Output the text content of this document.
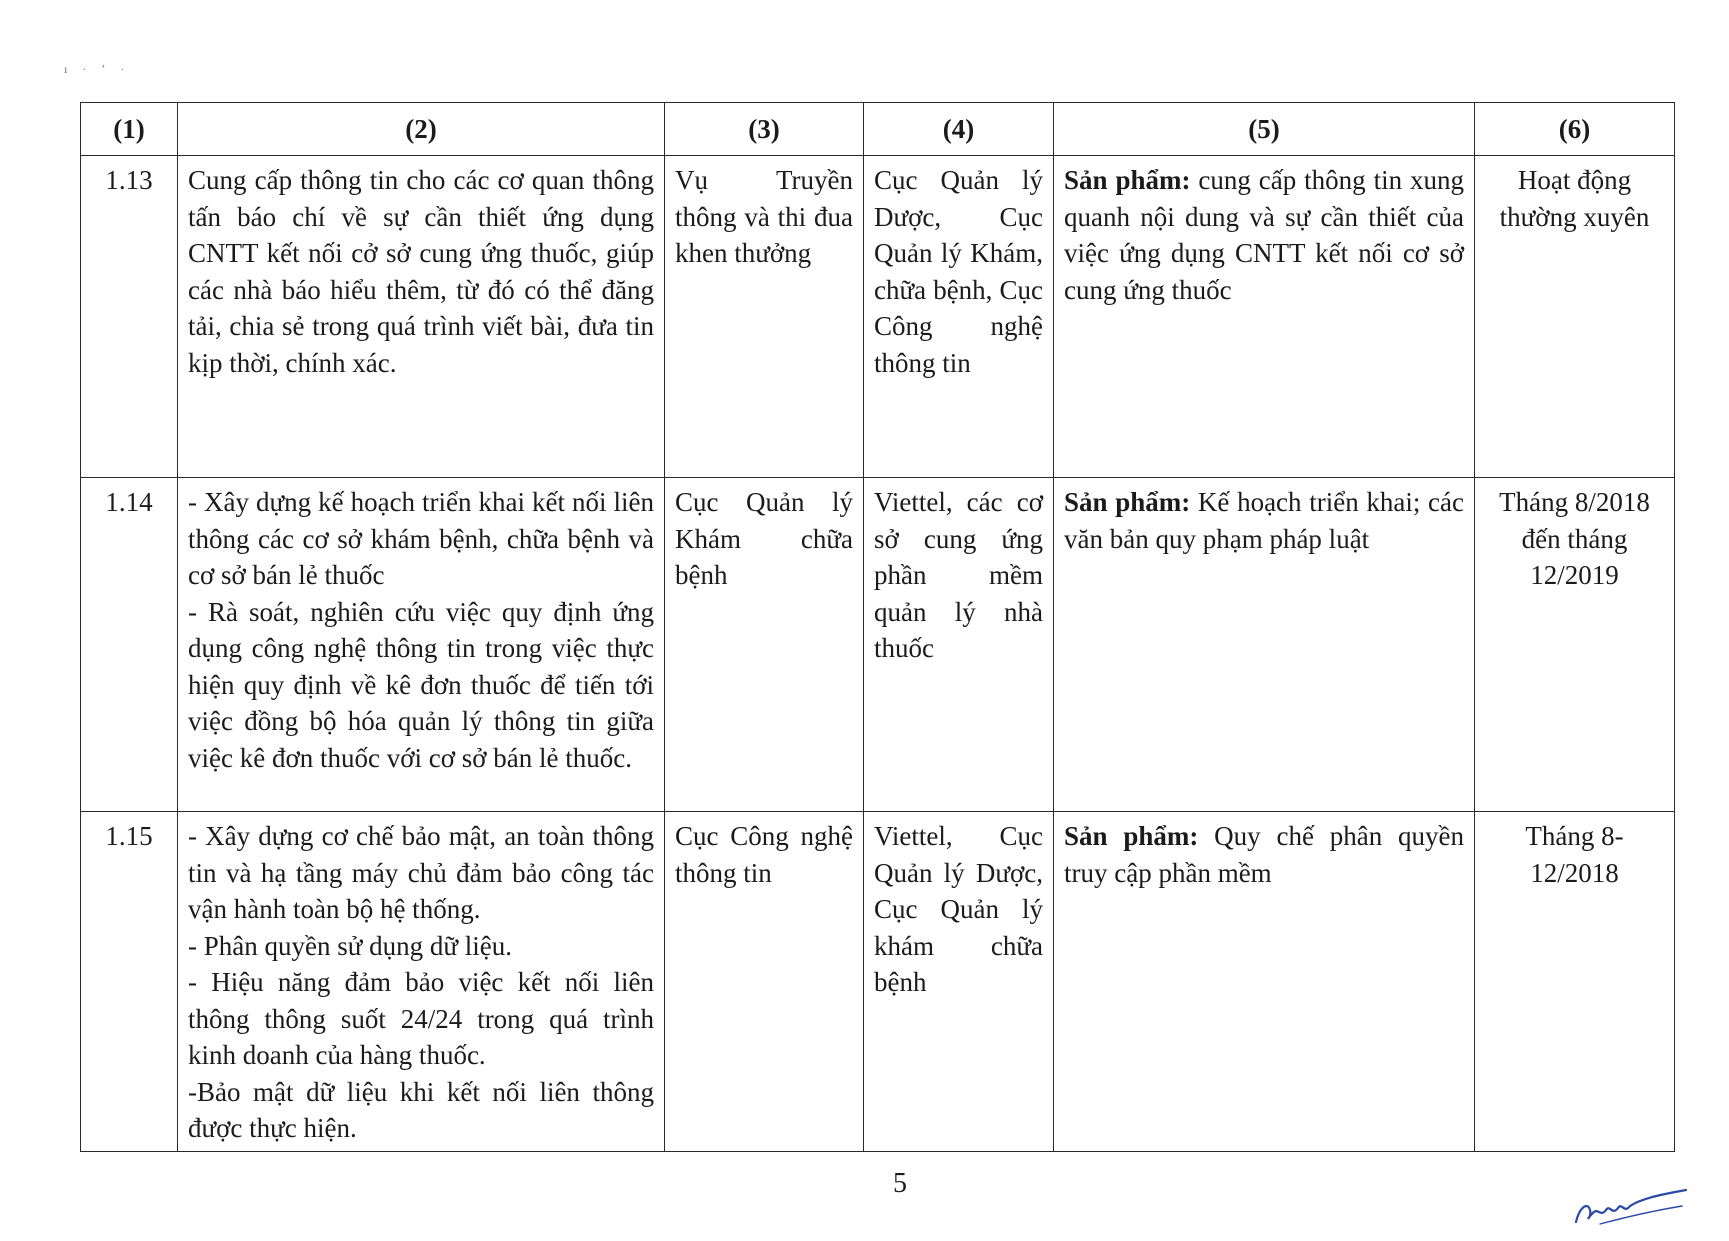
ı · ʼ ·
(1)	(2)	(3)	(4)	(5)	(6)
1.13	Cung cấp thông tin cho các cơ quan thông tấn báo chí về sự cần thiết ứng dụng CNTT kết nối cở sở cung ứng thuốc, giúp các nhà báo hiểu thêm, từ đó có thể đăng tải, chia sẻ trong quá trình viết bài, đưa tin kịp thời, chính xác.	Vụ Truyền thông và thi đua khen thưởng	Cục Quản lý Dược, Cục Quản lý Khám, chữa bệnh, Cục Công nghệ thông tin	Sản phẩm: cung cấp thông tin xung quanh nội dung và sự cần thiết của việc ứng dụng CNTT kết nối cơ sở cung ứng thuốc	Hoạt động thường xuyên
1.14	- Xây dựng kế hoạch triển khai kết nối liên thông các cơ sở khám bệnh, chữa bệnh và cơ sở bán lẻ thuốc
- Rà soát, nghiên cứu việc quy định ứng dụng công nghệ thông tin trong việc thực hiện quy định về kê đơn thuốc để tiến tới việc đồng bộ hóa quản lý thông tin giữa việc kê đơn thuốc với cơ sở bán lẻ thuốc.	Cục Quản lý Khám chữa bệnh	Viettel, các cơ sở cung ứng phần mềm quản lý nhà thuốc	Sản phẩm: Kế hoạch triển khai; các văn bản quy phạm pháp luật	Tháng 8/2018 đến tháng 12/2019
1.15	- Xây dựng cơ chế bảo mật, an toàn thông tin và hạ tầng máy chủ đảm bảo công tác vận hành toàn bộ hệ thống.
- Phân quyền sử dụng dữ liệu.
- Hiệu năng đảm bảo việc kết nối liên thông thông suốt 24/24 trong quá trình kinh doanh của hàng thuốc.
-Bảo mật dữ liệu khi kết nối liên thông được thực hiện.	Cục Công nghệ thông tin	Viettel, Cục Quản lý Dược, Cục Quản lý khám chữa bệnh	Sản phẩm: Quy chế phân quyền truy cập phần mềm	Tháng 8-12/2018
5
